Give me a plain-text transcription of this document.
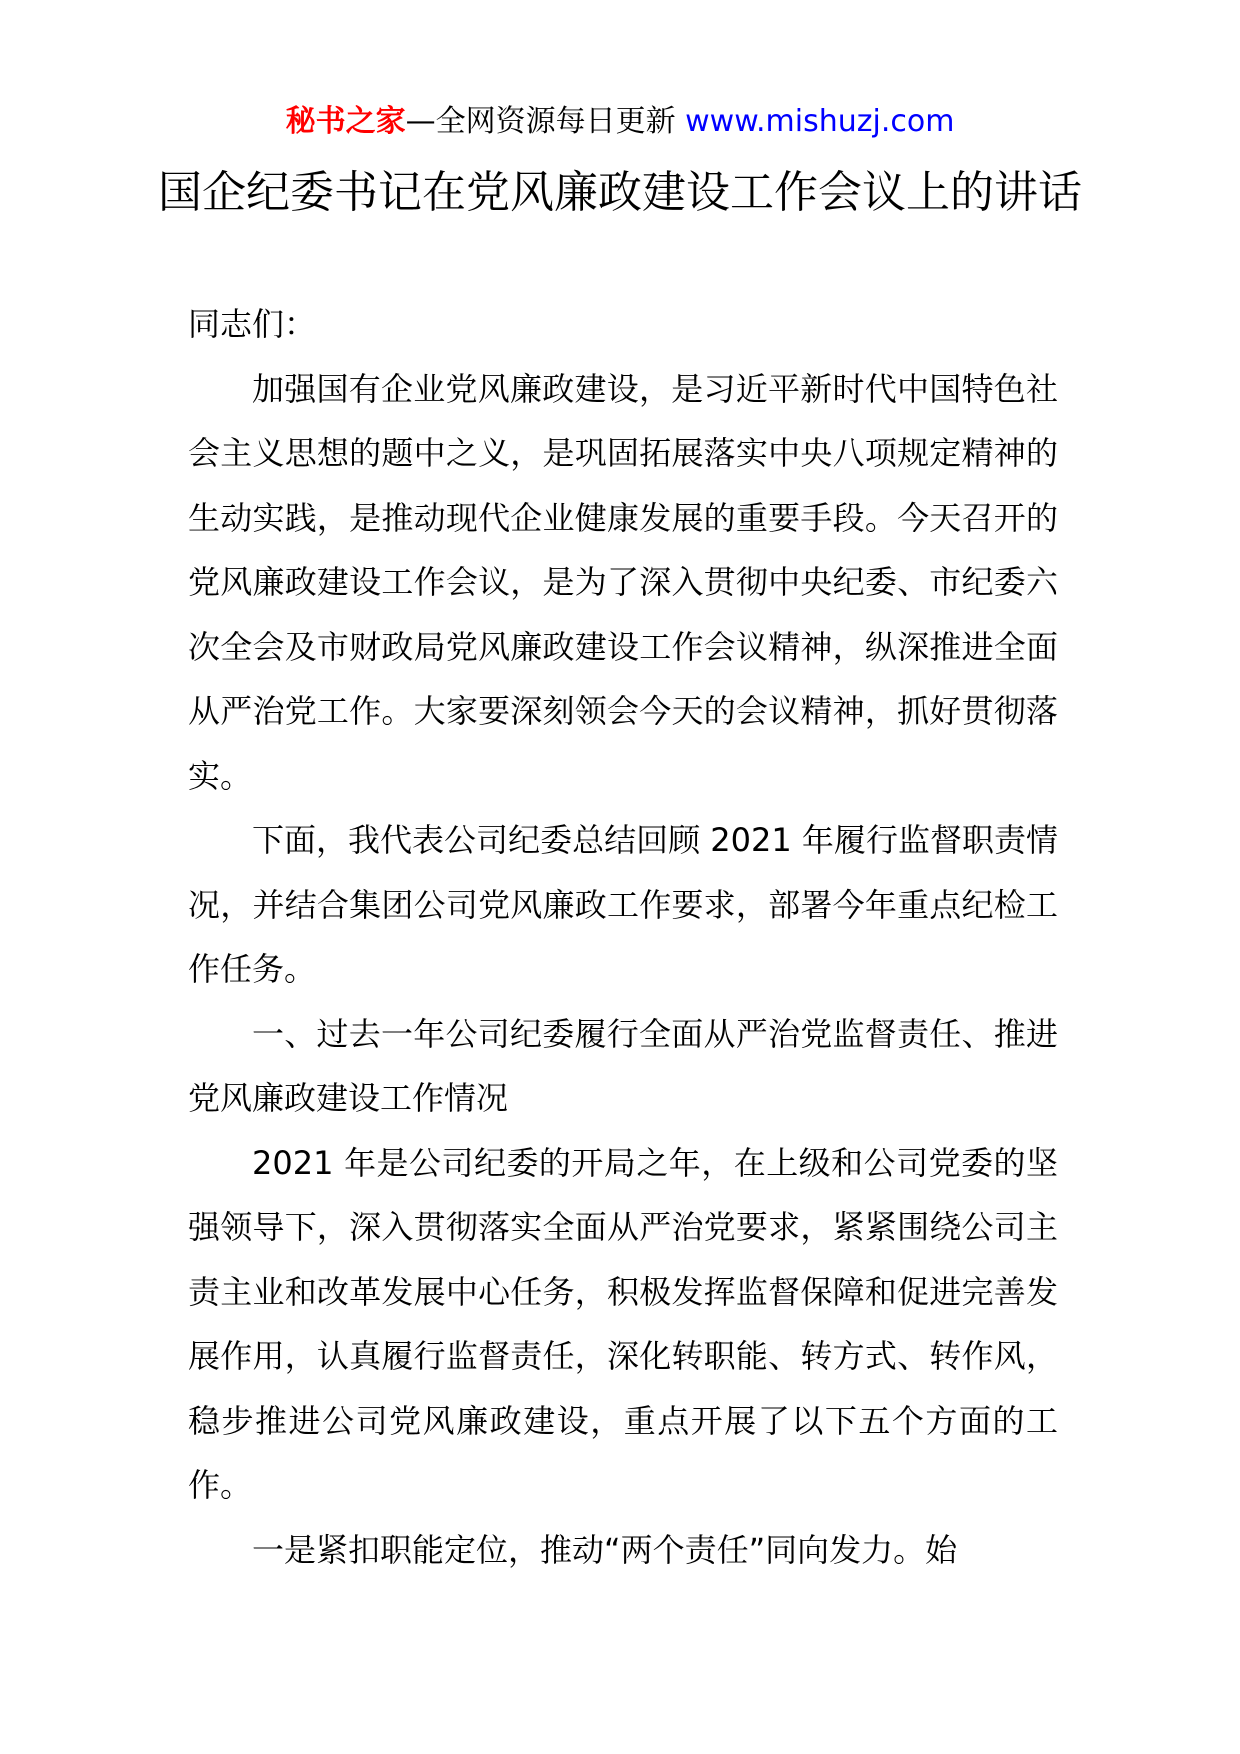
秘书之家—全网资源每日更新 www.mishuzj.com
国企纪委书记在党风廉政建设工作会议上的讲话

同志们：

加强国有企业党风廉政建设，是习近平新时代中国特色社会主义思想的题中之义，是巩固拓展落实中央八项规定精神的生动实践，是推动现代企业健康发展的重要手段。今天召开的党风廉政建设工作会议，是为了深入贯彻中央纪委、市纪委六次全会及市财政局党风廉政建设工作会议精神，纵深推进全面从严治党工作。大家要深刻领会今天的会议精神，抓好贯彻落实。

下面，我代表公司纪委总结回顾 2021 年履行监督职责情况，并结合集团公司党风廉政工作要求，部署今年重点纪检工作任务。

一、过去一年公司纪委履行全面从严治党监督责任、推进党风廉政建设工作情况

2021 年是公司纪委的开局之年，在上级和公司党委的坚强领导下，深入贯彻落实全面从严治党要求，紧紧围绕公司主责主业和改革发展中心任务，积极发挥监督保障和促进完善发展作用，认真履行监督责任，深化转职能、转方式、转作风，稳步推进公司党风廉政建设，重点开展了以下五个方面的工作。

一是紧扣职能定位，推动“两个责任”同向发力。始
